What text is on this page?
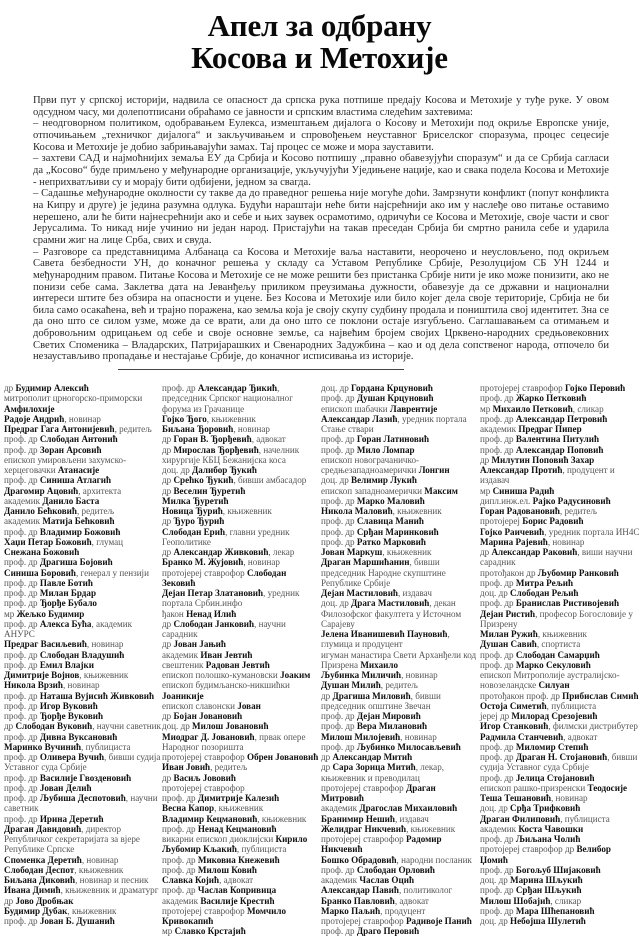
Апел за одбрану
Косова и Метохије

Први пут у српској историји, надвила се опасност да српска рука потпише предају Косова и Метохије у туђе руке. У овом одсудном часу, ми долепотписани обраћамо се јавности и српским властима следећим захтевима:

– неодговорном политиком, одобравањем Еулекса, измештањем дијалога о Косову и Метохији под окриље Европске уније, отпочињањем „техничког дијалога“ и закључивањем и спровођењем неуставног Бриселског споразума, процес сецесије Косова и Метохије је добио забрињавајући замах. Тај процес се може и мора зауставити.

– захтеви САД и најмоћнијих земаља ЕУ да Србија и Косово потпишу „правно обавезујући споразум“ и да се Србија сагласи да „Косово“ буде примљено у међународне организације, укључујући Уједињене нације, као и свака подела Косова и Метохије - неприхватљиви су и морају бити одбијени, једном за свагда.

– Садашње међународне околности су такве да до праведног решења није могуће доћи. Замрзнути конфликт (попут конфликта на Кипру и друге) је једина разумна одлука. Будући нараштаји неће бити најсрећнији ако им у наслеђе ово питање оставимо нерешено, али ће бити најнесрећнији ако и себе и њих заувек осрамотимо, одричући се Косова и Метохије, своје части и свог Јерусалима. То никад није учинио ни један народ. Пристајући на такав преседан Србија би смртно ранила себе и ударила срамни жиг на лице Срба, свих и свуда.

– Разговоре са представницима Албанаца са Косова и Метохије ваља наставити, неорочено и неусловљено, под окриљем Савета безбедности УН, до коначног решења у складу са Уставом Републике Србије, Резолуцијом СБ УН 1244 и међународним правом. Питање Косова и Метохије се не може решити без пристанка Србије нити је ико може понизити, ако не понизи себе сама. Заклетва дата на Јеванђељу приликом преузимања дужности, обавезује да се државни и национални интереси штите без обзира на опасности и уцене. Без Косова и Метохије или било којег дела своје територије, Србија не би била само осакаћена, већ и трајно поражена, као земља која је своју скупу судбину продала и поништила свој идентитет. Зна се да оно што се силом узме, може да се врати, али да оно што се поклони остаје изгубљено. Саглашавањем са отимањем и добровољним одрицањем од себе и своје основне земље, са највећим бројем својих Црквено-народних средњовековних Светих Споменика – Владарских, Патријарашких и Свенародних Задужбина – као и од дела сопственог народа, отпочело би незаустављиво пропадање и нестајање Србије, до коначног исписивања из историје.

др Будимир Алексић
митрополит црногорско-приморски Амфилохије
Радоје Андрић, новинар
Предраг Гага Антонијевић, редитељ
проф. др Слободан Антонић
проф. др Зоран Арсовић
епископ умировљени захумско-херцеговачки Атанасије
проф. др Синиша Атлагић
Драгомир Ацовић, архитекта
академик Данило Баста
Данило Бећковић, редитељ
академик Матија Бећковић
проф. др Владимир Божовић
Хаџи Петар Божовић, глумац
Снежана Божовић
проф. др Драгиша Бојовић
Синиша Боровић, генерал у пензији
проф. др Павле Ботић
проф. др Милан Брдар
проф. др Ђорђе Бубало
мр Жељко Будимир
проф. др Алекса Бућа, академик АНУРС
Предраг Васиљевић, новинар
проф. др Слободан Владушић
проф. др Емил Влајки
Димитрије Војнов, књижевник
Никола Врзић, новинар
проф. др Наташа Вујисић Живковић
проф. др Игор Вуковић
проф. др Ђорђе Вуковић
др Слободан Вуковић, научни саветник
проф. др Дивна Вуксановић
Маринко Вучинић, публициста
проф. др Оливера Вучић, бивши судија Уставног суда Србије
проф. др Василије Гвозденовић
проф. др Јован Делић
проф. др Љубиша Деспотовић, научни саветник
проф. др Ирина Деретић
Драган Давидовић, директор Републичког секретаријата за вјере Републике Српске
Споменка Деретић, новинар
Слободан Деспот, књижевник
Биљана Диковић, новинар и песник
Ивана Димић, књижевник и драматург
др Јово Дробњак
Будимир Дубак, књижевник
проф. др Јован Б. Душанић
проф. др Александар Ђикић, председник Српског националног форума из Грачанице
Гојко Ђого, књижевник
Биљана Ђоровић, новинар
др Горан В. Ђорђевић, адвокат
др Мирослав Ђорђевић, начелник хирургије КБЦ Бежанијска коса
доц. др Далибор Ђукић
др Срећко Ђукић, бивши амбасадор
др Веселин Ђуретић
Милка Ђуретић
Новица Ђурић, књижевник
др Ђуро Ђурић
Слободан Ерић, главни уредник Геополитике
др Александар Живковић, лекар
Бранко М. Жујовић, новинар
протојереј ставрофор Слободан Зековић
Дејан Петар Златановић, уредник портала Србин.инфо
ђакон Ненад Илић
др Слободан Јанковић, научни сарадник
др Јован Јањић
академик Иван Јевтић
свештеник Радован Јевтић
епископ полошко-кумановски Јоаким
епископ будимљанско-никшићки Јоаникије
епископ славонски Јован
др Бојан Јовановић
доц. др Милош Јовановић
Миодраг Д. Јовановић, првак опере Народног позоришта
протојереј ставрофор Обрен Јовановић
Иван Јовић, редитељ
др Васиљ Јововић
протојереј ставрофор
проф. др Димитрије Калезић
Весна Капор, књижевник
Владимир Кецмановић, књижевник
проф. др Ненад Кецмановић
викарни епископ диоклијски Кирило
Љубомир Кљакић, публициста
проф. др Миковиа Кнежевић
проф. др Милош Ковић
Славка Којић, адвокат
проф. др Часлав Копривица
академик Василије Крестић
протојереј ставрофор Момчило Кривокапић
мр Славко Крстајић
доц. др Гордана Крцуновић
проф. др Душан Крцуновић
епископ шабачки Лаврентије
Александар Лазић, уредник портала Стање ствари
проф. др Горан Латиновић
проф. др Мило Ломпар
епископ новограчаничко-средњезападноамерички Лонгин
доц. др Велимир Лукић
епископ западноамерички Максим
проф. др Марко Маловић
Никола Маловић, књижевник
проф. др Славица Манић
проф. др Срђан Маринковић
проф. др Ратко Марковић
Јован Маркуш, књижевник
Драган Маршићанин, бивши председник Народне скупштине Републике Србије
Дејан Мастиловић, издавач
доц. др Драга Мастиловић, декан Филозофског факултета у Источном Сарајеву
Јелена Иванишевић Пауновић, глумица и продуцент
игуман манастира Свети Арханђели код Призрена Михаило
Љубинка Миличић, новинар
Душан Милић, редитељ
др Драгиша Миловић, бивши председник општине Звечан
проф. др Дејан Мировић
проф. др Вера Милановић
Милош Милојевић, новинар
проф. др Љубинко Милосављевић
др Александар Митић
др Сара Зорица Митић, лекар, књижевник и преводилац
протојереј ставрофор Драган Митровић
академик Драгослав Михаиловић
Бранимир Нешић, издавач
Желидраг Никчевић, књижевник
протојереј ставрофор Радомир Никчевић
Бошко Обрадовић, народни посланик
проф. др Слободан Орловић
академик Часлав Оцић
Александар Павић, политиколог
Бранко Павловић, адвокат
Марко Паљић, продуцент
протојереј ставрофор Радивоје Панић
проф. др Драго Перовић
протојереј ставрофор Гојко Перовић
проф. др Жарко Петковић
мр Михаило Петковић, сликар
проф. др Александар Петровић
академик Предраг Пипер
проф. др Валентина Питулић
проф. др Александар Поповић
др Милутин Поповић Захар
Александар Протић, продуцент и издавач
мр Синиша Радић
дипл.инж.ел. Рајко Радусиновић
Горан Радовановић, редитељ
протојереј Борис Радовић
Гојко Раичевић, уредник портала ИН4С
Марина Рајевић, новинар
др Александар Раковић, виши научни сарадник
протођакон др Љубомир Ранковић
проф. др Митра Рељић
доц. др Слободан Рељић
проф. др Бранислав Ристивојевић
Дејан Ристић, професор Богословије у Призрену
Милан Ружић, књижевник
Душан Савић, спортиста
проф. др Слободан Самарџић
проф. др Марко Секуловић
епископ Митрополије аустралијско-новозеландске Силуан
протођакон проф. др Прибислав Симић
Остоја Симетић, публициста
јереј др Милорад Срезојевић
Игор Станковић, филмски дистрибутер
Радмила Станчевић, адвокат
проф. др Миломир Степић
проф. др Драган Н. Стојановић, бивши судија Уставног суда Србије
проф. др Јелица Стојановић
епископ рашко-призренски Теодосије
Теша Тешановић, новинар
доц. др Срђа Трифковић
Драган Филиповић, публициста
академик Коста Чавошки
проф. др Љиљана Чолић
протојереј ставрофор др Велибор Џомић
проф. др Богољуб Шијаковић
доц. др Марина Шљукић
проф. др Срђан Шљукић
Милош Шобајић, сликар
проф. др Мара Шћепановић
доц. др Небојша Шулетић
